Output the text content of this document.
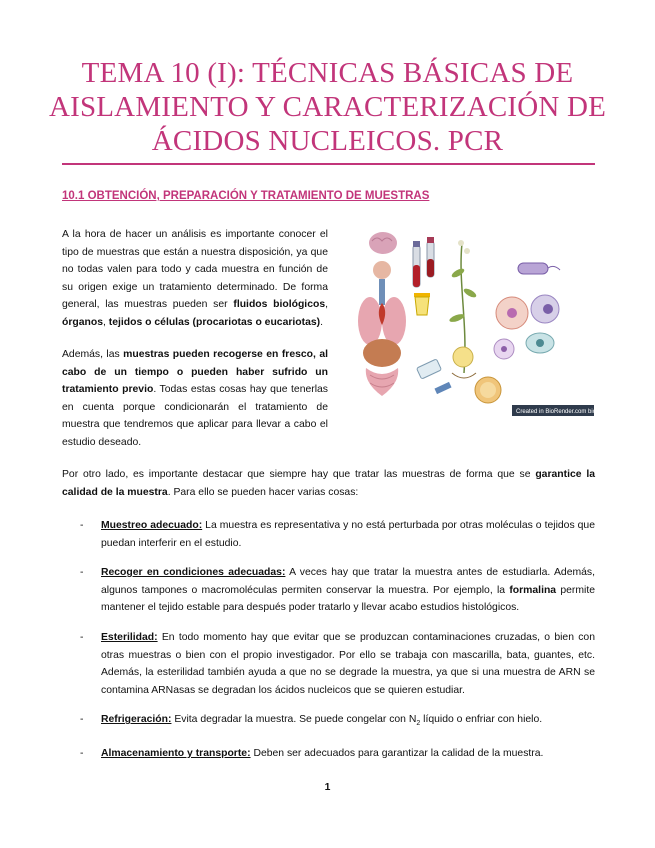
TEMA 10 (I): TÉCNICAS BÁSICAS DE
AISLAMIENTO Y CARACTERIZACIÓN DE
ÁCIDOS NUCLEICOS. PCR
10.1 OBTENCIÓN, PREPARACIÓN Y TRATAMIENTO DE MUESTRAS

A la hora de hacer un análisis es importante conocer el tipo de muestras que están a nuestra disposición, ya que no todas valen para todo y cada muestra en función de su origen exige un tratamiento determinado. De forma general, las muestras pueden ser fluidos biológicos, órganos, tejidos o células (procariotas o eucariotas).

Además, las muestras pueden recogerse en fresco, al cabo de un tiempo o pueden haber sufrido un tratamiento previo. Todas estas cosas hay que tenerlas en cuenta porque condicionarán el tratamiento de muestra que tendremos que aplicar para llevar a cabo el estudio deseado.

Created in BioRender.com bio

Por otro lado, es importante destacar que siempre hay que tratar las muestras de forma que se garantice la calidad de la muestra. Para ello se pueden hacer varias cosas:

- Muestreo adecuado: La muestra es representativa y no está perturbada por otras moléculas o tejidos que puedan interferir en el estudio.
- Recoger en condiciones adecuadas: A veces hay que tratar la muestra antes de estudiarla. Además, algunos tampones o macromoléculas permiten conservar la muestra. Por ejemplo, la formalina permite mantener el tejido estable para después poder tratarlo y llevar acabo estudios histológicos.
- Esterilidad: En todo momento hay que evitar que se produzcan contaminaciones cruzadas, o bien con otras muestras o bien con el propio investigador. Por ello se trabaja con mascarilla, bata, guantes, etc. Además, la esterilidad también ayuda a que no se degrade la muestra, ya que si una muestra de ARN se contamina ARNasas se degradan los ácidos nucleicos que se quieren estudiar.
- Refrigeración: Evita degradar la muestra. Se puede congelar con $N_2$ líquido o enfriar con hielo.
- Almacenamiento y transporte: Deben ser adecuados para garantizar la calidad de la muestra.
1
